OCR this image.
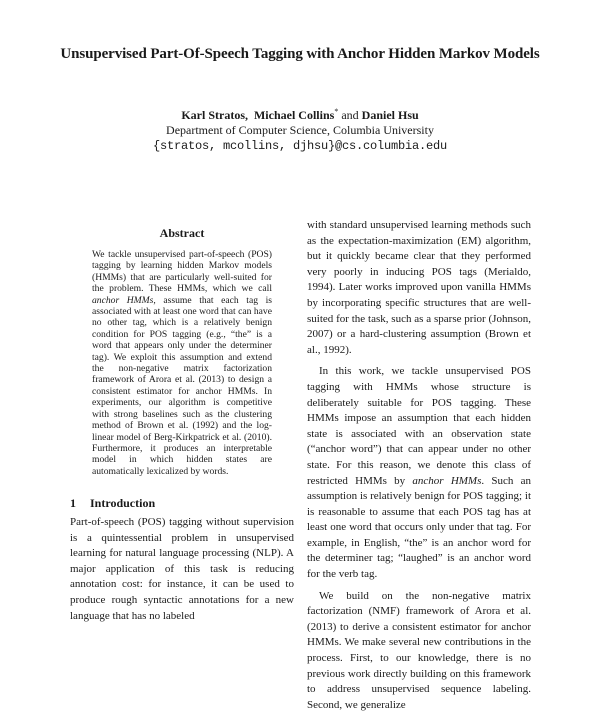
Unsupervised Part-Of-Speech Tagging with Anchor Hidden Markov Models
Karl Stratos, Michael Collins* and Daniel Hsu
Department of Computer Science, Columbia University
{stratos, mcollins, djhsu}@cs.columbia.edu
Abstract

We tackle unsupervised part-of-speech (POS) tagging by learning hidden Markov models (HMMs) that are particularly well-suited for the problem. These HMMs, which we call anchor HMMs, assume that each tag is associated with at least one word that can have no other tag, which is a relatively benign condition for POS tagging (e.g., “the” is a word that appears only under the determiner tag). We exploit this assumption and extend the non-negative matrix factorization framework of Arora et al. (2013) to design a consistent estimator for anchor HMMs. In experiments, our algorithm is competitive with strong baselines such as the clustering method of Brown et al. (1992) and the log-linear model of Berg-Kirkpatrick et al. (2010). Furthermore, it produces an interpretable model in which hidden states are automatically lexicalized by words.

1 Introduction

Part-of-speech (POS) tagging without supervision is a quintessential problem in unsupervised learning for natural language processing (NLP). A major application of this task is reducing annotation cost: for instance, it can be used to produce rough syntactic annotations for a new language that has no labeled

with standard unsupervised learning methods such as the expectation-maximization (EM) algorithm, but it quickly became clear that they performed very poorly in inducing POS tags (Merialdo, 1994). Later works improved upon vanilla HMMs by incorporating specific structures that are well-suited for the task, such as a sparse prior (Johnson, 2007) or a hard-clustering assumption (Brown et al., 1992).

In this work, we tackle unsupervised POS tagging with HMMs whose structure is deliberately suitable for POS tagging. These HMMs impose an assumption that each hidden state is associated with an observation state (“anchor word”) that can appear under no other state. For this reason, we denote this class of restricted HMMs by anchor HMMs. Such an assumption is relatively benign for POS tagging; it is reasonable to assume that each POS tag has at least one word that occurs only under that tag. For example, in English, “the” is an anchor word for the determiner tag; “laughed” is an anchor word for the verb tag.

We build on the non-negative matrix factorization (NMF) framework of Arora et al. (2013) to derive a consistent estimator for anchor HMMs. We make several new contributions in the process. First, to our knowledge, there is no previous work directly building on this framework to address unsupervised sequence labeling. Second, we generalize
